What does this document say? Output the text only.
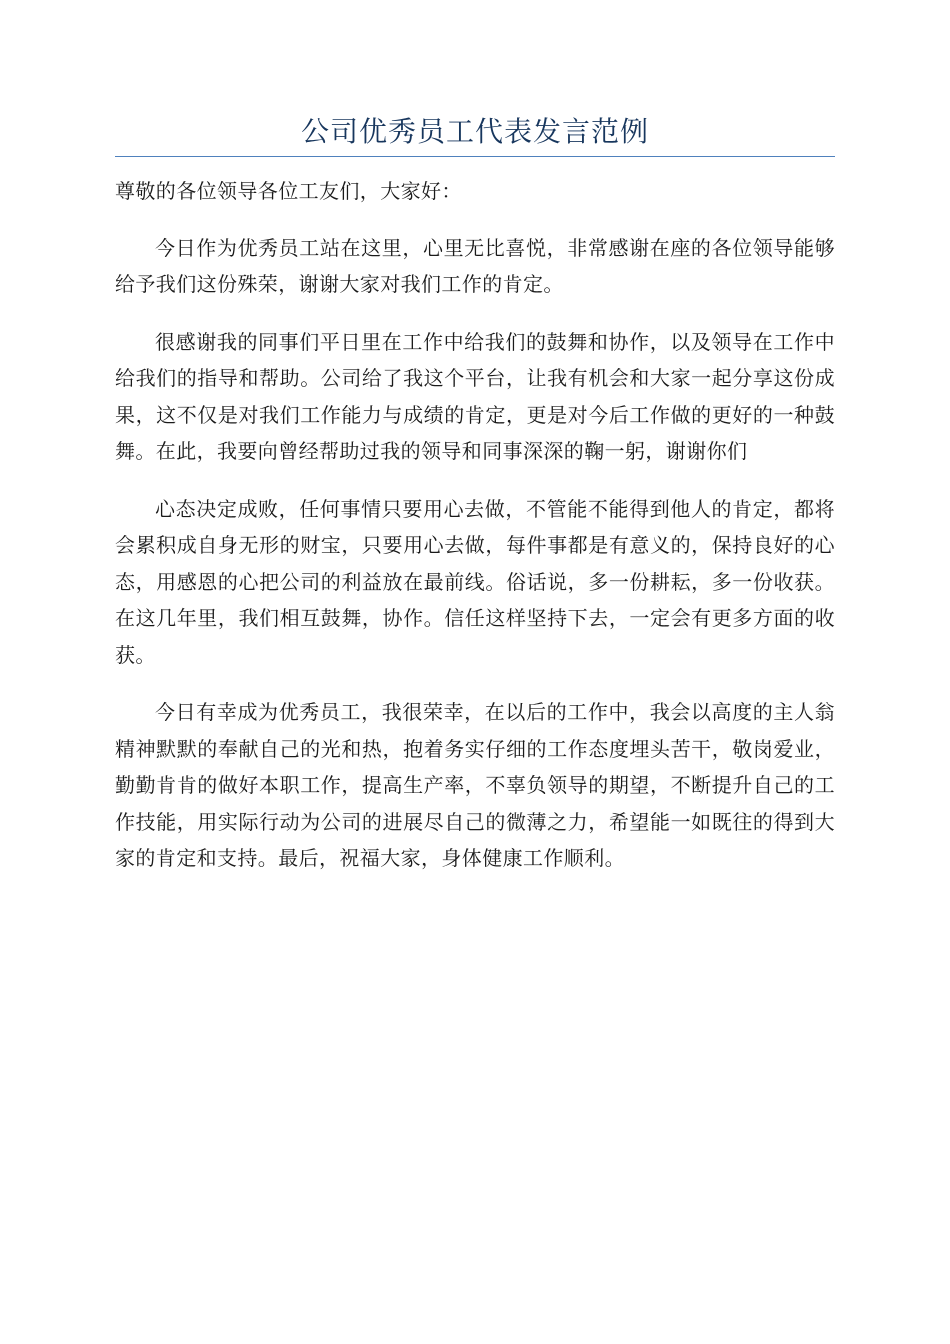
公司优秀员工代表发言范例

尊敬的各位领导各位工友们，大家好：

今日作为优秀员工站在这里，心里无比喜悦，非常感谢在座的各位领导能够给予我们这份殊荣，谢谢大家对我们工作的肯定。

很感谢我的同事们平日里在工作中给我们的鼓舞和协作，以及领导在工作中给我们的指导和帮助。公司给了我这个平台，让我有机会和大家一起分享这份成果，这不仅是对我们工作能力与成绩的肯定，更是对今后工作做的更好的一种鼓舞。在此，我要向曾经帮助过我的领导和同事深深的鞠一躬，谢谢你们

心态决定成败，任何事情只要用心去做，不管能不能得到他人的肯定，都将会累积成自身无形的财宝，只要用心去做，每件事都是有意义的，保持良好的心态，用感恩的心把公司的利益放在最前线。俗话说，多一份耕耘，多一份收获。在这几年里，我们相互鼓舞，协作。信任这样坚持下去，一定会有更多方面的收获。

今日有幸成为优秀员工，我很荣幸，在以后的工作中，我会以高度的主人翁精神默默的奉献自己的光和热，抱着务实仔细的工作态度埋头苦干，敬岗爱业，勤勤肯肯的做好本职工作，提高生产率，不辜负领导的期望，不断提升自己的工作技能，用实际行动为公司的进展尽自己的微薄之力，希望能一如既往的得到大家的肯定和支持。最后，祝福大家，身体健康工作顺利。
